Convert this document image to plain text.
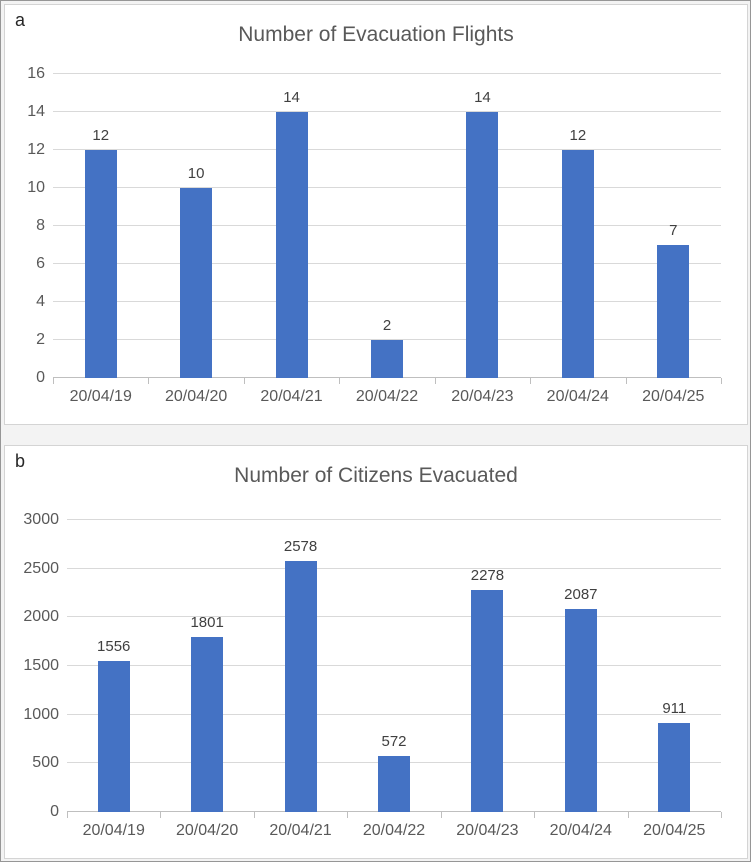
a
Number of Evacuation Flights
0
2
4
6
8
10
12
14
16
12
10
14
2
14
12
7
20/04/19	20/04/20	20/04/21	20/04/22	20/04/23	20/04/24	20/04/25
b
Number of Citizens Evacuated
0
500
1000
1500
2000
2500
3000
1556
1801
2578
572
2278
2087
911
20/04/19	20/04/20	20/04/21	20/04/22	20/04/23	20/04/24	20/04/25
